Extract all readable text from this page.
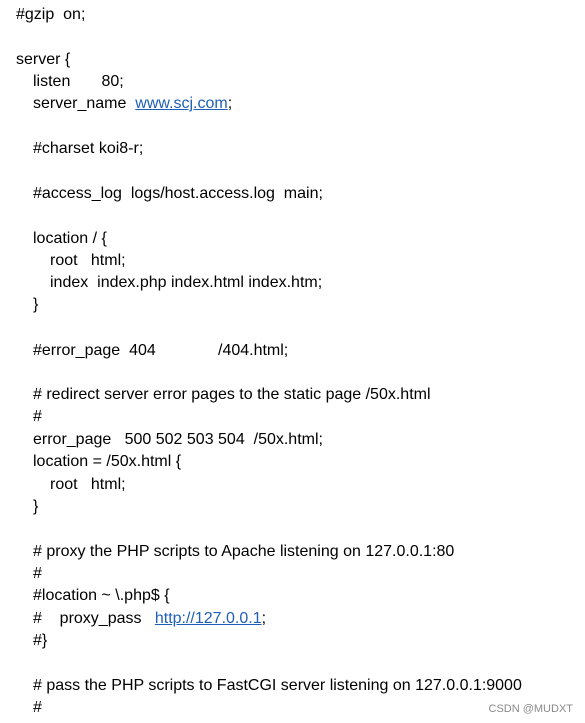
#gzip  on;
server {
listen       80;
server_name  www.scj.com;
#charset koi8-r;
#access_log  logs/host.access.log  main;
location / {
root   html;
index  index.php index.html index.htm;
}
#error_page  404              /404.html;
# redirect server error pages to the static page /50x.html
#
error_page   500 502 503 504  /50x.html;
location = /50x.html {
root   html;
}
# proxy the PHP scripts to Apache listening on 127.0.0.1:80
#
#location ~ \.php$ {
#    proxy_pass   http://127.0.0.1;
#}
# pass the PHP scripts to FastCGI server listening on 127.0.0.1:9000
#	CSDN @MUDXT
